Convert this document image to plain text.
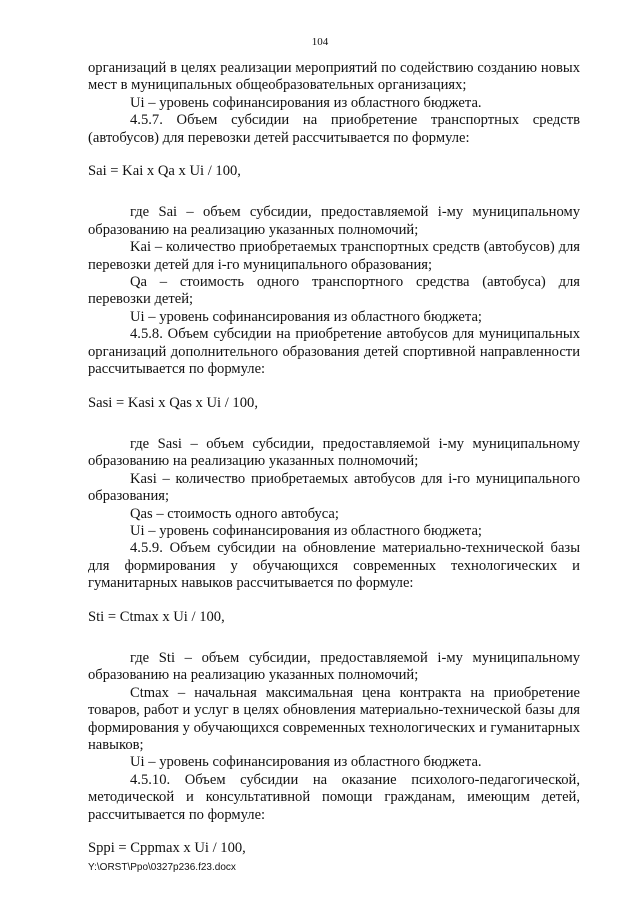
104

организаций в целях реализации мероприятий по содействию созданию новых мест в муниципальных общеобразовательных организациях;

Ui – уровень софинансирования из областного бюджета.

4.5.7. Объем субсидии на приобретение транспортных средств (автобусов) для перевозки детей рассчитывается по формуле:

Sai = Kai x Qa x Ui / 100,

где Sai – объем субсидии, предоставляемой i-му муниципальному образованию на реализацию указанных полномочий;

Kai – количество приобретаемых транспортных средств (автобусов) для перевозки детей для i-го муниципального образования;

Qa – стоимость одного транспортного средства (автобуса) для перевозки детей;

Ui – уровень софинансирования из областного бюджета;

4.5.8. Объем субсидии на приобретение автобусов для муниципальных организаций дополнительного образования детей спортивной направленности рассчитывается по формуле:

Sasi = Kasi x Qas x Ui / 100,

где Sasi – объем субсидии, предоставляемой i-му муниципальному образованию на реализацию указанных полномочий;

Kasi – количество приобретаемых автобусов для i-го муниципального образования;

Qas – стоимость одного автобуса;

Ui – уровень софинансирования из областного бюджета;

4.5.9. Объем субсидии на обновление материально-технической базы для формирования у обучающихся современных технологических и гуманитарных навыков рассчитывается по формуле:

Sti = Ctmax x Ui / 100,

где Sti – объем субсидии, предоставляемой i-му муниципальному образованию на реализацию указанных полномочий;

Ctmax – начальная максимальная цена контракта на приобретение товаров, работ и услуг в целях обновления материально-технической базы для формирования у обучающихся современных технологических и гуманитарных навыков;

Ui – уровень софинансирования из областного бюджета.

4.5.10. Объем субсидии на оказание психолого-педагогической, методической и консультативной помощи гражданам, имеющим детей, рассчитывается по формуле:

Sppi = Cppmax x Ui / 100,

Y:\ORST\Ppo\0327p236.f23.docx
